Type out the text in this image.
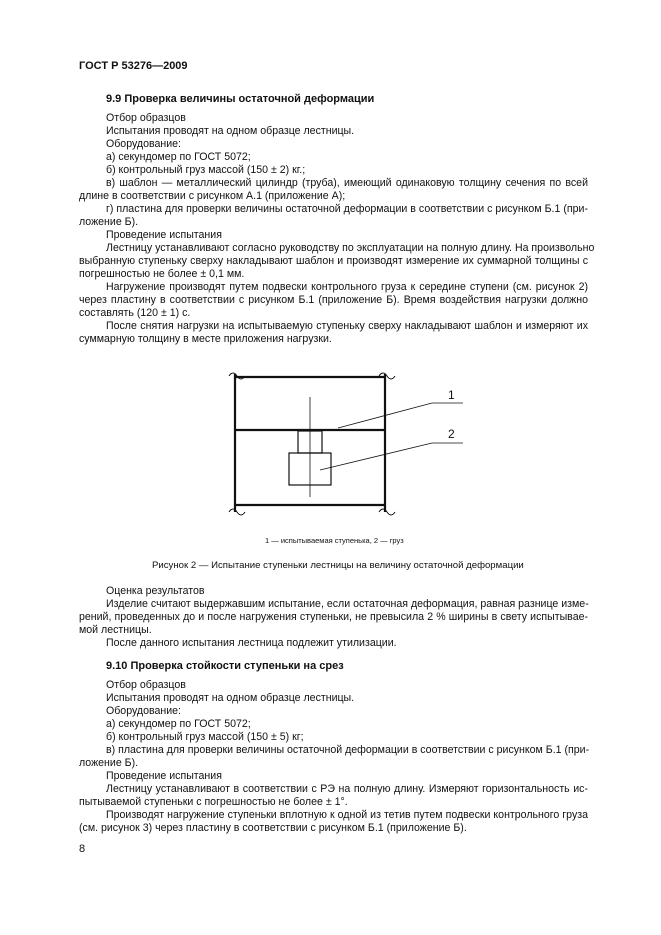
ГОСТ Р 53276—2009
9.9 Проверка величины остаточной деформации
Отбор образцов
Испытания проводят на одном образце лестницы.
Оборудование:
а) секундомер по ГОСТ 5072;
б) контрольный груз массой (150 ± 2) кг.;
в) шаблон — металлический цилиндр (труба), имеющий одинаковую толщину сечения по всей
длине в соответствии с рисунком А.1 (приложение А);
г) пластина для проверки величины остаточной деформации в соответствии с рисунком Б.1 (при-
ложение Б).
Проведение испытания
Лестницу устанавливают согласно руководству по эксплуатации на полную длину. На произвольно
выбранную ступеньку сверху накладывают шаблон и производят измерение их суммарной толщины с
погрешностью не более ± 0,1 мм.
Нагружение производят путем подвески контрольного груза к середине ступени (см. рисунок 2)
через пластину в соответствии с рисунком Б.1 (приложение Б). Время воздействия нагрузки должно
составлять (120 ± 1) с.
После снятия нагрузки на испытываемую ступеньку сверху накладывают шаблон и измеряют их
суммарную толщину в месте приложения нагрузки.
1
2
1 — испытываемая ступенька, 2 — груз
Рисунок 2 — Испытание ступеньки лестницы на величину остаточной деформации
Оценка результатов
Изделие считают выдержавшим испытание, если остаточная деформация, равная разнице изме-
рений, проведенных до и после нагружения ступеньки, не превысила 2 % ширины в свету испытывае-
мой лестницы.
После данного испытания лестница подлежит утилизации.
9.10 Проверка стойкости ступеньки на срез
Отбор образцов
Испытания проводят на одном образце лестницы.
Оборудование:
а) секундомер по ГОСТ 5072;
б) контрольный груз массой (150 ± 5) кг;
в) пластина для проверки величины остаточной деформации в соответствии с рисунком Б.1 (при-
ложение Б).
Проведение испытания
Лестницу устанавливают в соответствии с РЭ на полную длину. Измеряют горизонтальность ис-
пытываемой ступеньки с погрешностью не более ± 1°.
Производят нагружение ступеньки вплотную к одной из тетив путем подвески контрольного груза
(см. рисунок 3) через пластину в соответствии с рисунком Б.1 (приложение Б).
8
